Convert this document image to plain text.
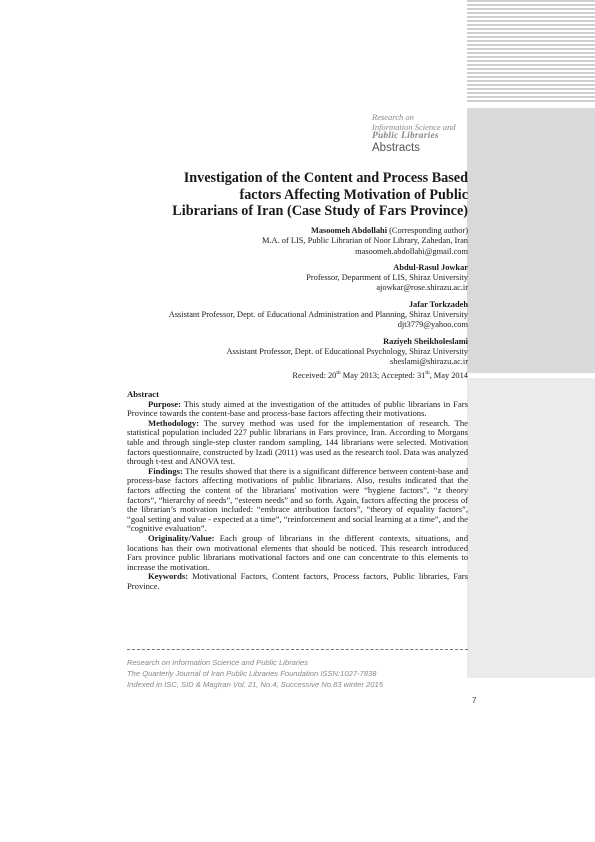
Research on
Information Science and
Public Libraries
Abstracts
Investigation of the Content and Process Based
factors Affecting Motivation of Public
Librarians of Iran (Case Study of Fars Province)
Masoomeh Abdollahi (Corresponding author)
M.A. of LIS, Public Librarian of Noor Library, Zahedan, Iran
masoomeh.abdollahi@gmail.com
Abdul-Rasul Jowkar
Professor, Department of LIS, Shiraz University
ajowkar@rose.shirazu.ac.ir
Jafar Torkzadeh
Assistant Professor, Dept. of Educational Administration and Planning, Shiraz University
djt3779@yahoo.com
Raziyeh Sheikholeslami
Assistant Professor, Dept. of Educational Psychology, Shiraz University
sheslami@shirazu.ac.ir
Received: 20th May 2013; Accepted: 31th, May 2014

Abstract

Purpose: This study aimed at the investigation of the attitudes of public librarians in Fars Province towards the content-base and process-base factors affecting their motivations.

Methodology: The survey method was used for the implementation of research. The statistical population included 227 public librarians in Fars province, Iran. According to Morgans table and through single-step cluster random sampling, 144 librarians were selected. Motivation factors questionnaire, constructed by Izadi (2011) was used as the research tool. Data was analyzed through t-test and ANOVA test.

Findings: The results showed that there is a significant difference between content-base and process-base factors affecting motivations of public librarians. Also, results indicated that the factors affecting the content of the librarians' motivation were “hygiene factors”, “z theory factors”, “hierarchy of needs”, “esteem needs” and so forth. Again, factors affecting the process of the librarian’s motivation included: “embrace attribution factors”, “theory of equality factors”, “goal setting and value - expected at a time”, “reinforcement and social learning at a time”, and the “cognitive evaluation”.

Originality/Value: Each group of librarians in the different contexts, situations, and locations has their own motivational elements that should be noticed. This research introduced Fars province public librarians motivational factors and one can concentrate to this elements to increase the motivation.

Keywords: Motivational Factors, Content factors, Process factors, Public libraries, Fars Province.

Research on Information Science and Public Libraries
The Quarterly Journal of Iran Public Libraries Foundation ISSN:1027-7838
Indexed in ISC, SID & MagIran Vol. 21, No.4, Successive No.83 winter 2015
7
